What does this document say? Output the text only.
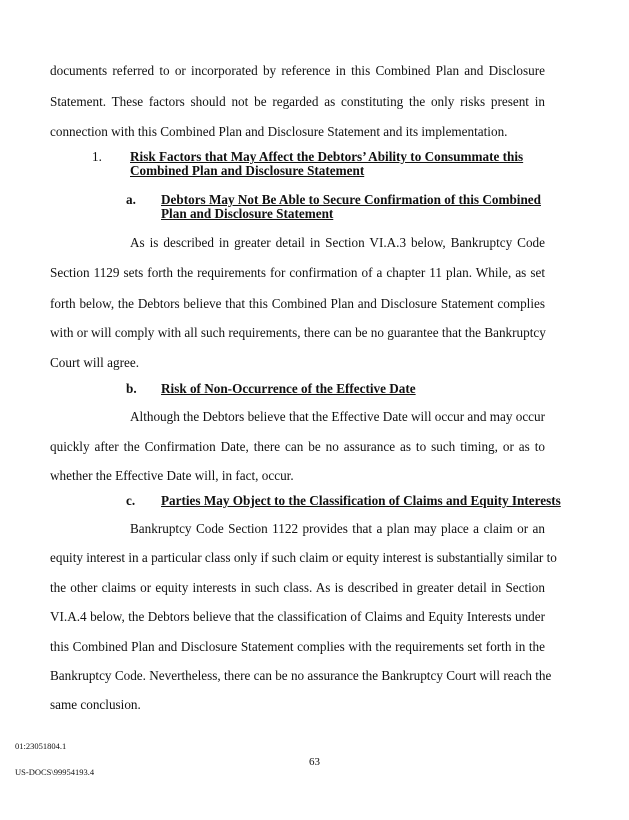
documents referred to or incorporated by reference in this Combined Plan and Disclosure
Statement. These factors should not be regarded as constituting the only risks present in
connection with this Combined Plan and Disclosure Statement and its implementation.
1. Risk Factors that May Affect the Debtors’ Ability to Consummate this
Combined Plan and Disclosure Statement
a. Debtors May Not Be Able to Secure Confirmation of this Combined
Plan and Disclosure Statement
As is described in greater detail in Section VI.A.3 below, Bankruptcy Code
Section 1129 sets forth the requirements for confirmation of a chapter 11 plan. While, as set
forth below, the Debtors believe that this Combined Plan and Disclosure Statement complies
with or will comply with all such requirements, there can be no guarantee that the Bankruptcy
Court will agree.
b. Risk of Non-Occurrence of the Effective Date
Although the Debtors believe that the Effective Date will occur and may occur
quickly after the Confirmation Date, there can be no assurance as to such timing, or as to
whether the Effective Date will, in fact, occur.
c. Parties May Object to the Classification of Claims and Equity Interests
Bankruptcy Code Section 1122 provides that a plan may place a claim or an
equity interest in a particular class only if such claim or equity interest is substantially similar to
the other claims or equity interests in such class. As is described in greater detail in Section
VI.A.4 below, the Debtors believe that the classification of Claims and Equity Interests under
this Combined Plan and Disclosure Statement complies with the requirements set forth in the
Bankruptcy Code. Nevertheless, there can be no assurance the Bankruptcy Court will reach the
same conclusion.
01:23051804.1
63
US-DOCS\99954193.4
